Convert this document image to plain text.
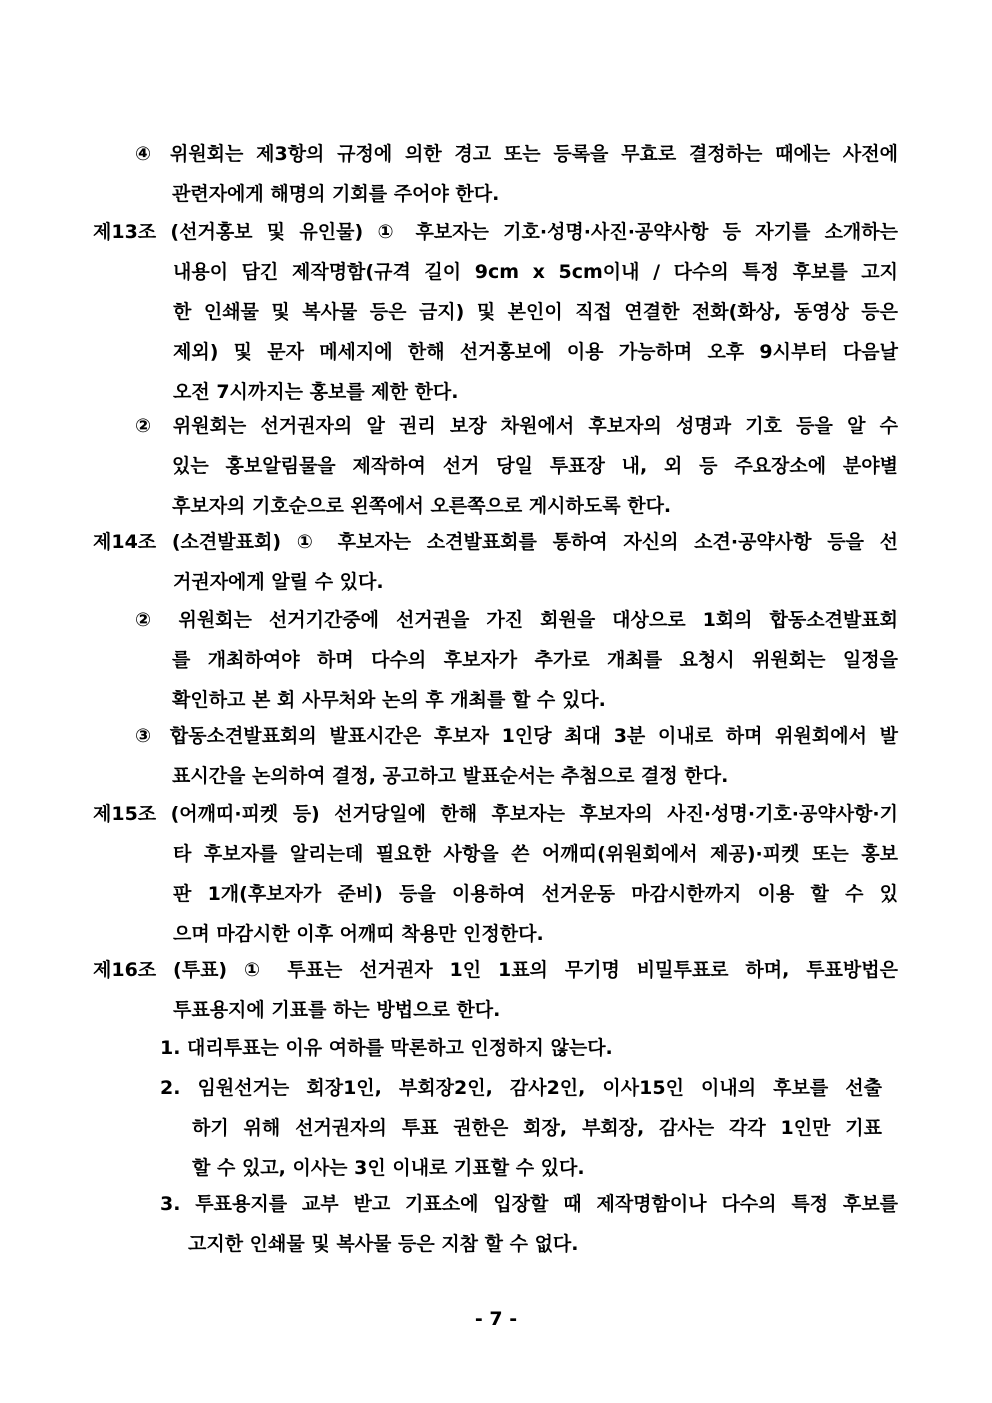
④ 위원회는 제3항의 규정에 의한 경고 또는 등록을 무효로 결정하는 때에는 사전에
관련자에게 해명의 기회를 주어야 한다.
제13조 (선거홍보 및 유인물) ① 후보자는 기호·성명·사진·공약사항 등 자기를 소개하는
내용이 담긴 제작명함(규격 길이 9cm x 5cm이내 / 다수의 특정 후보를 고지
한 인쇄물 및 복사물 등은 금지) 및 본인이 직접 연결한 전화(화상, 동영상 등은
제외) 및 문자 메세지에 한해 선거홍보에 이용 가능하며 오후 9시부터 다음날
오전 7시까지는 홍보를 제한 한다.
② 위원회는 선거권자의 알 권리 보장 차원에서 후보자의 성명과 기호 등을 알 수
있는 홍보알림물을 제작하여 선거 당일 투표장 내, 외 등 주요장소에 분야별
후보자의 기호순으로 왼쪽에서 오른쪽으로 게시하도록 한다.
제14조 (소견발표회) ① 후보자는 소견발표회를 통하여 자신의 소견·공약사항 등을 선
거권자에게 알릴 수 있다.
② 위원회는 선거기간중에 선거권을 가진 회원을 대상으로 1회의 합동소견발표회
를 개최하여야 하며 다수의 후보자가 추가로 개최를 요청시 위원회는 일정을
확인하고 본 회 사무처와 논의 후 개최를 할 수 있다.
③ 합동소견발표회의 발표시간은 후보자 1인당 최대 3분 이내로 하며 위원회에서 발
표시간을 논의하여 결정, 공고하고 발표순서는 추첨으로 결정 한다.
제15조 (어깨띠·피켓 등) 선거당일에 한해 후보자는 후보자의 사진·성명·기호·공약사항·기
타 후보자를 알리는데 필요한 사항을 쓴 어깨띠(위원회에서 제공)·피켓 또는 홍보
판 1개(후보자가 준비) 등을 이용하여 선거운동 마감시한까지 이용 할 수 있
으며 마감시한 이후 어깨띠 착용만 인정한다.
제16조 (투표) ① 투표는 선거권자 1인 1표의 무기명 비밀투표로 하며, 투표방법은
투표용지에 기표를 하는 방법으로 한다.
1. 대리투표는 이유 여하를 막론하고 인정하지 않는다.
2. 임원선거는 회장1인, 부회장2인, 감사2인, 이사15인 이내의 후보를 선출
하기 위해 선거권자의 투표 권한은 회장, 부회장, 감사는 각각 1인만 기표
할 수 있고, 이사는 3인 이내로 기표할 수 있다.
3. 투표용지를 교부 받고 기표소에 입장할 때 제작명함이나 다수의 특정 후보를
고지한 인쇄물 및 복사물 등은 지참 할 수 없다.
- 7 -
